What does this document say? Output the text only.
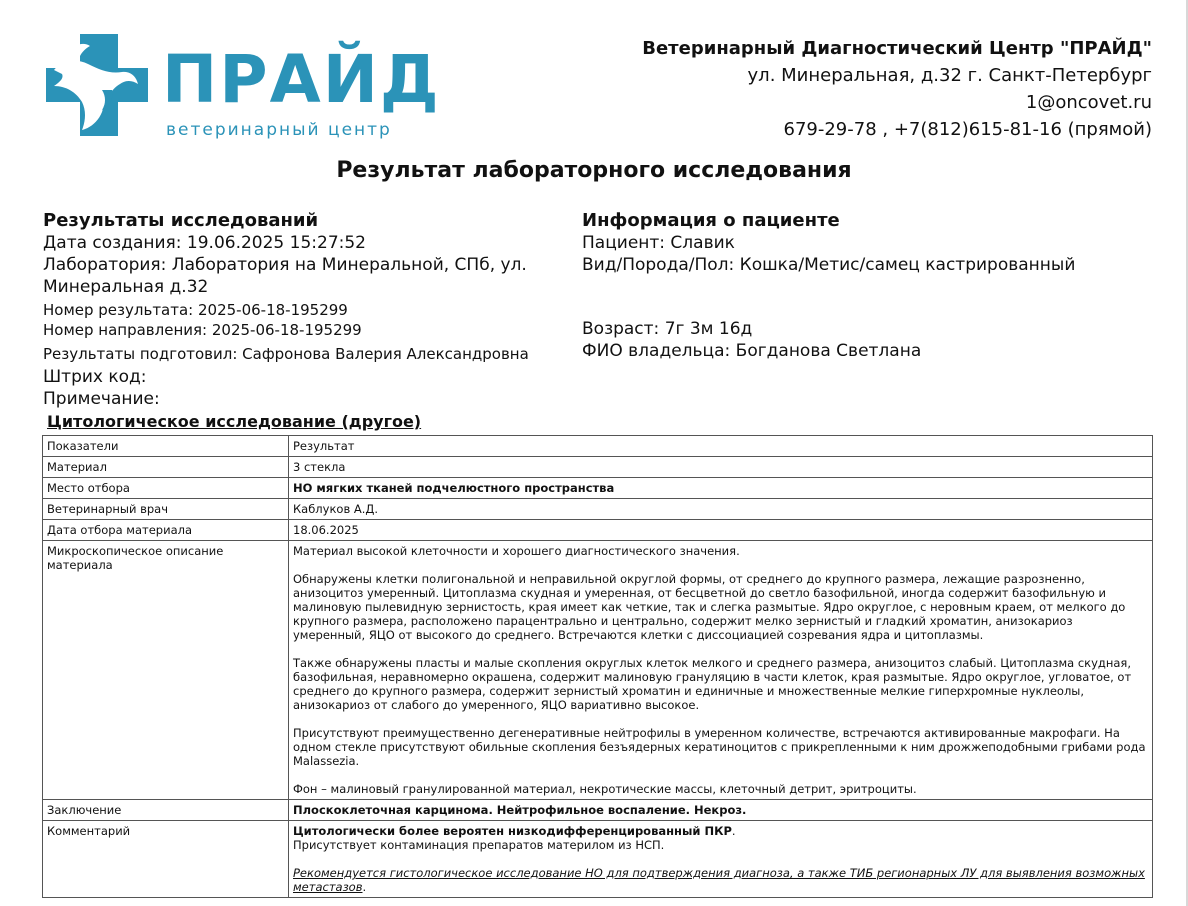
ПРАЙД
ветеринарный центр
Ветеринарный Диагностический Центр "ПРАЙД"
ул. Минеральная, д.32 г. Санкт-Петербург
1@oncovet.ru
679-29-78 , +7(812)615-81-16 (прямой)
Результат лабораторного исследования
Результаты исследований
Дата создания: 19.06.2025 15:27:52
Лаборатория: Лаборатория на Минеральной, СПб, ул. Минеральная д.32
Номер результата: 2025-06-18-195299
Номер направления: 2025-06-18-195299
Результаты подготовил: Сафронова Валерия Александровна
Штрих код:
Примечание:
Информация о пациенте
Пациент: Славик
Вид/Порода/Пол: Кошка/Метис/самец кастрированный
Возраст: 7г 3м 16д
ФИО владельца: Богданова Светлана
Цитологическое исследование (другое)
Показатели	Результат
Материал	3 стекла
Место отбора	НО мягких тканей подчелюстного пространства
Ветеринарный врач	Каблуков А.Д.
Дата отбора материала	18.06.2025
Микроскопическое описание материала	Материал высокой клеточности и хорошего диагностического значения.
Обнаружены клетки полигональной и неправильной округлой формы, от среднего до крупного размера, лежащие разрозненно, анизоцитоз умеренный. Цитоплазма скудная и умеренная, от бесцветной до светло базофильной, иногда содержит базофильную и малиновую пылевидную зернистость, края имеет как четкие, так и слегка размытые. Ядро округлое, с неровным краем, от мелкого до крупного размера, расположено парацентрально и центрально, содержит мелко зернистый и гладкий хроматин, анизокариоз умеренный, ЯЦО от высокого до среднего. Встречаются клетки с диссоциацией созревания ядра и цитоплазмы.
Также обнаружены пласты и малые скопления округлых клеток мелкого и среднего размера, анизоцитоз слабый. Цитоплазма скудная, базофильная, неравномерно окрашена, содержит малиновую грануляцию в части клеток, края размытые. Ядро округлое, угловатое, от среднего до крупного размера, содержит зернистый хроматин и единичные и множественные мелкие гиперхромные нуклеолы, анизокариоз от слабого до умеренного, ЯЦО вариативно высокое.
Присутствуют преимущественно дегенеративные нейтрофилы в умеренном количестве, встречаются активированные макрофаги. На одном стекле присутствуют обильные скопления безъядерных кератиноцитов с прикрепленными к ним дрожжеподобными грибами рода Malassezia.
Фон – малиновый гранулированной материал, некротические массы, клеточный детрит, эритроциты.

Заключение	Плоскоклеточная карцинома. Нейтрофильное воспаление. Некроз.
Комментарий	Цитологически более вероятен низкодифференцированный ПКР.
Присутствует контаминация препаратов материлом из НСП.
Рекомендуется гистологическое исследование НО для подтверждения диагноза, а также ТИБ регионарных ЛУ для выявления возможных метастазов.
